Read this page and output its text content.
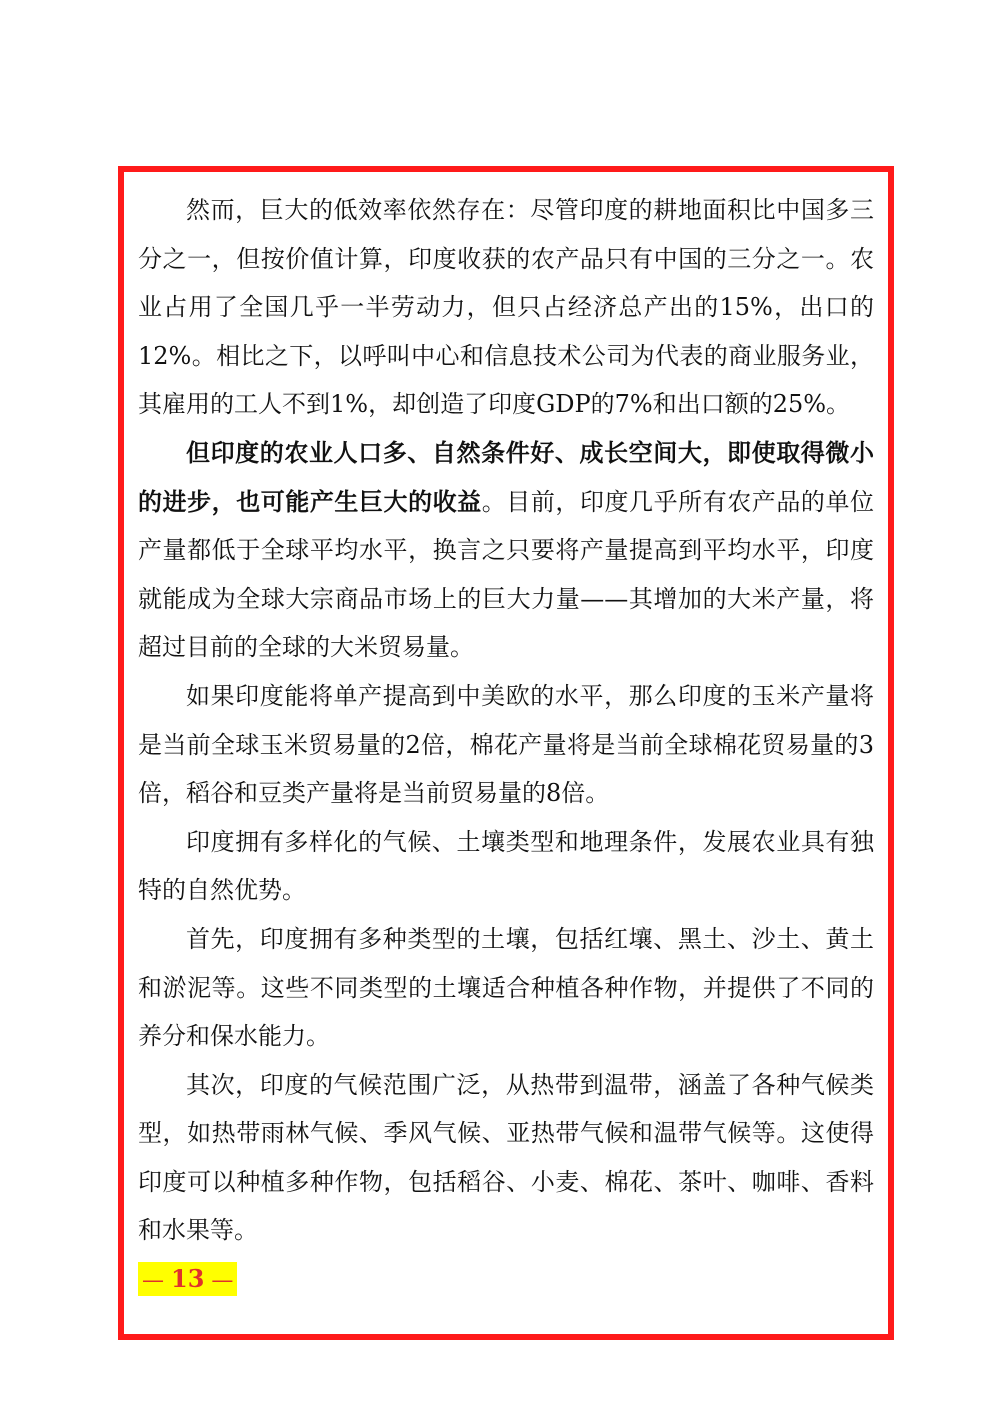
然而，巨大的低效率依然存在：尽管印度的耕地面积比中国多三分之一，但按价值计算，印度收获的农产品只有中国的三分之一。农业占用了全国几乎一半劳动力，但只占经济总产出的15%，出口的12%。相比之下，以呼叫中心和信息技术公司为代表的商业服务业，其雇用的工人不到1%，却创造了印度GDP的7%和出口额的25%。

但印度的农业人口多、自然条件好、成长空间大，即使取得微小的进步，也可能产生巨大的收益。目前，印度几乎所有农产品的单位产量都低于全球平均水平，换言之只要将产量提高到平均水平，印度就能成为全球大宗商品市场上的巨大力量——其增加的大米产量，将超过目前的全球的大米贸易量。

如果印度能将单产提高到中美欧的水平，那么印度的玉米产量将是当前全球玉米贸易量的2倍，棉花产量将是当前全球棉花贸易量的3倍，稻谷和豆类产量将是当前贸易量的8倍。

印度拥有多样化的气候、土壤类型和地理条件，发展农业具有独特的自然优势。

首先，印度拥有多种类型的土壤，包括红壤、黑土、沙土、黄土和淤泥等。这些不同类型的土壤适合种植各种作物，并提供了不同的养分和保水能力。

其次，印度的气候范围广泛，从热带到温带，涵盖了各种气候类型，如热带雨林气候、季风气候、亚热带气候和温带气候等。这使得印度可以种植多种作物，包括稻谷、小麦、棉花、茶叶、咖啡、香料和水果等。

— 13 —
